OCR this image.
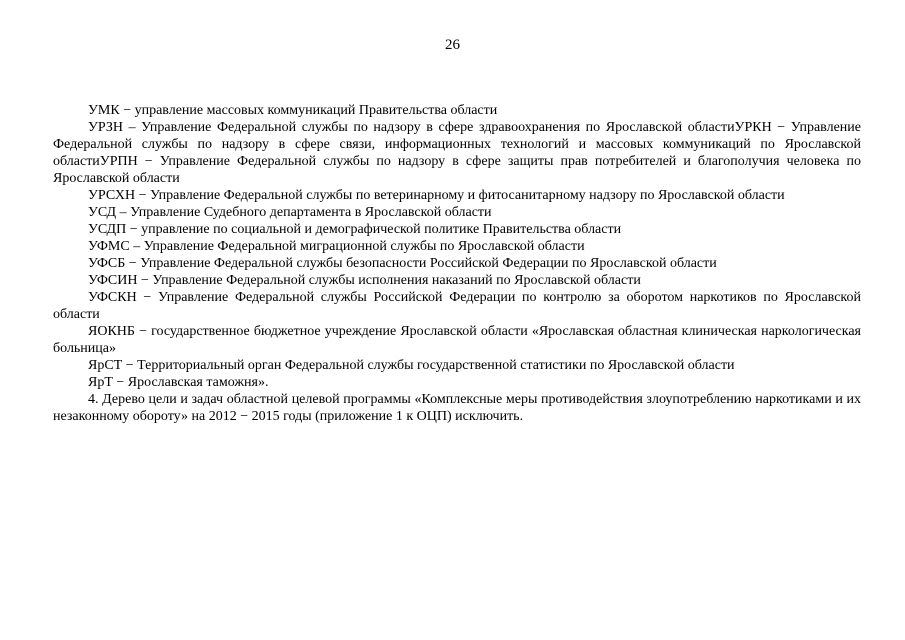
26

УМК − управление массовых коммуникаций Правительства области

УРЗН – Управление Федеральной службы по надзору в сфере здравоохранения по Ярославской областиУРКН − Управление Федеральной службы по надзору в сфере связи, информационных технологий и массовых коммуникаций по Ярославской областиУРПН − Управление Федеральной службы по надзору в сфере защиты прав потребителей и благополучия человека по Ярославской области

УРСХН − Управление Федеральной службы по ветеринарному и фитосанитарному надзору по Ярославской области

УСД – Управление Судебного департамента в Ярославской области

УСДП − управление по социальной и демографической политике Правительства области

УФМС – Управление Федеральной миграционной службы по Ярославской области

УФСБ − Управление Федеральной службы безопасности Российской Федерации по Ярославской области

УФСИН − Управление Федеральной службы исполнения наказаний по Ярославской области

УФСКН − Управление Федеральной службы Российской Федерации по контролю за оборотом наркотиков по Ярославской области

ЯОКНБ − государственное бюджетное учреждение Ярославской области «Ярославская областная клиническая наркологическая больница»

ЯрСТ − Территориальный орган Федеральной службы государственной статистики по Ярославской области

ЯрТ − Ярославская таможня».

4. Дерево цели и задач областной целевой программы «Комплексные меры противодействия злоупотреблению наркотиками и их незаконному обороту» на 2012 − 2015 годы (приложение 1 к ОЦП) исключить.
